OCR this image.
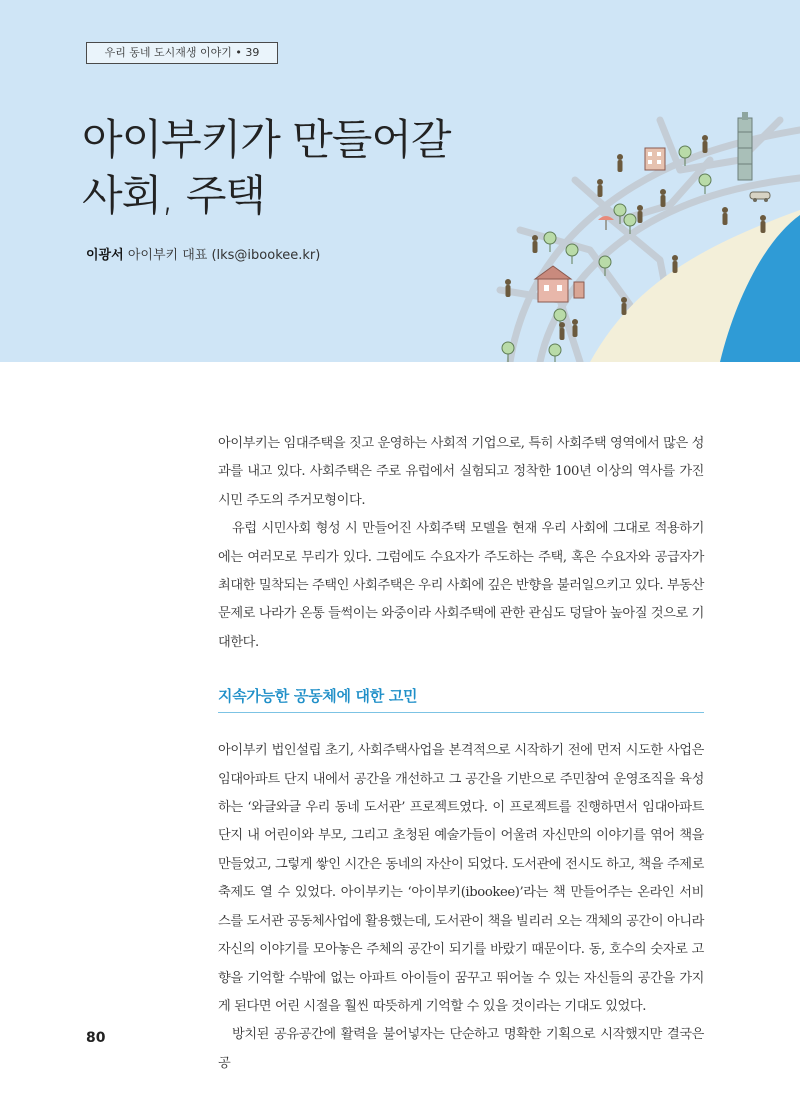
우리 동네 도시재생 이야기 • 39
아이부키가 만들어갈
사회, 주택
이광서 아이부키 대표 (lks@ibookee.kr)

아이부키는 임대주택을 짓고 운영하는 사회적 기업으로, 특히 사회주택 영역에서 많은 성과를 내고 있다. 사회주택은 주로 유럽에서 실험되고 정착한 100년 이상의 역사를 가진 시민 주도의 주거모형이다.

유럽 시민사회 형성 시 만들어진 사회주택 모델을 현재 우리 사회에 그대로 적용하기에는 여러모로 무리가 있다. 그럼에도 수요자가 주도하는 주택, 혹은 수요자와 공급자가 최대한 밀착되는 주택인 사회주택은 우리 사회에 깊은 반향을 불러일으키고 있다. 부동산 문제로 나라가 온통 들썩이는 와중이라 사회주택에 관한 관심도 덩달아 높아질 것으로 기대한다.

지속가능한 공동체에 대한 고민

아이부키 법인설립 초기, 사회주택사업을 본격적으로 시작하기 전에 먼저 시도한 사업은 임대아파트 단지 내에서 공간을 개선하고 그 공간을 기반으로 주민참여 운영조직을 육성하는 ‘와글와글 우리 동네 도서관’ 프로젝트였다. 이 프로젝트를 진행하면서 임대아파트 단지 내 어린이와 부모, 그리고 초청된 예술가들이 어울려 자신만의 이야기를 엮어 책을 만들었고, 그렇게 쌓인 시간은 동네의 자산이 되었다. 도서관에 전시도 하고, 책을 주제로 축제도 열 수 있었다. 아이부키는 ‘아이부키(ibookee)’라는 책 만들어주는 온라인 서비스를 도서관 공동체사업에 활용했는데, 도서관이 책을 빌리러 오는 객체의 공간이 아니라 자신의 이야기를 모아놓은 주체의 공간이 되기를 바랐기 때문이다. 동, 호수의 숫자로 고향을 기억할 수밖에 없는 아파트 아이들이 꿈꾸고 뛰어놀 수 있는 자신들의 공간을 가지게 된다면 어린 시절을 훨씬 따뜻하게 기억할 수 있을 것이라는 기대도 있었다.

방치된 공유공간에 활력을 불어넣자는 단순하고 명확한 기획으로 시작했지만 결국은 공

80
